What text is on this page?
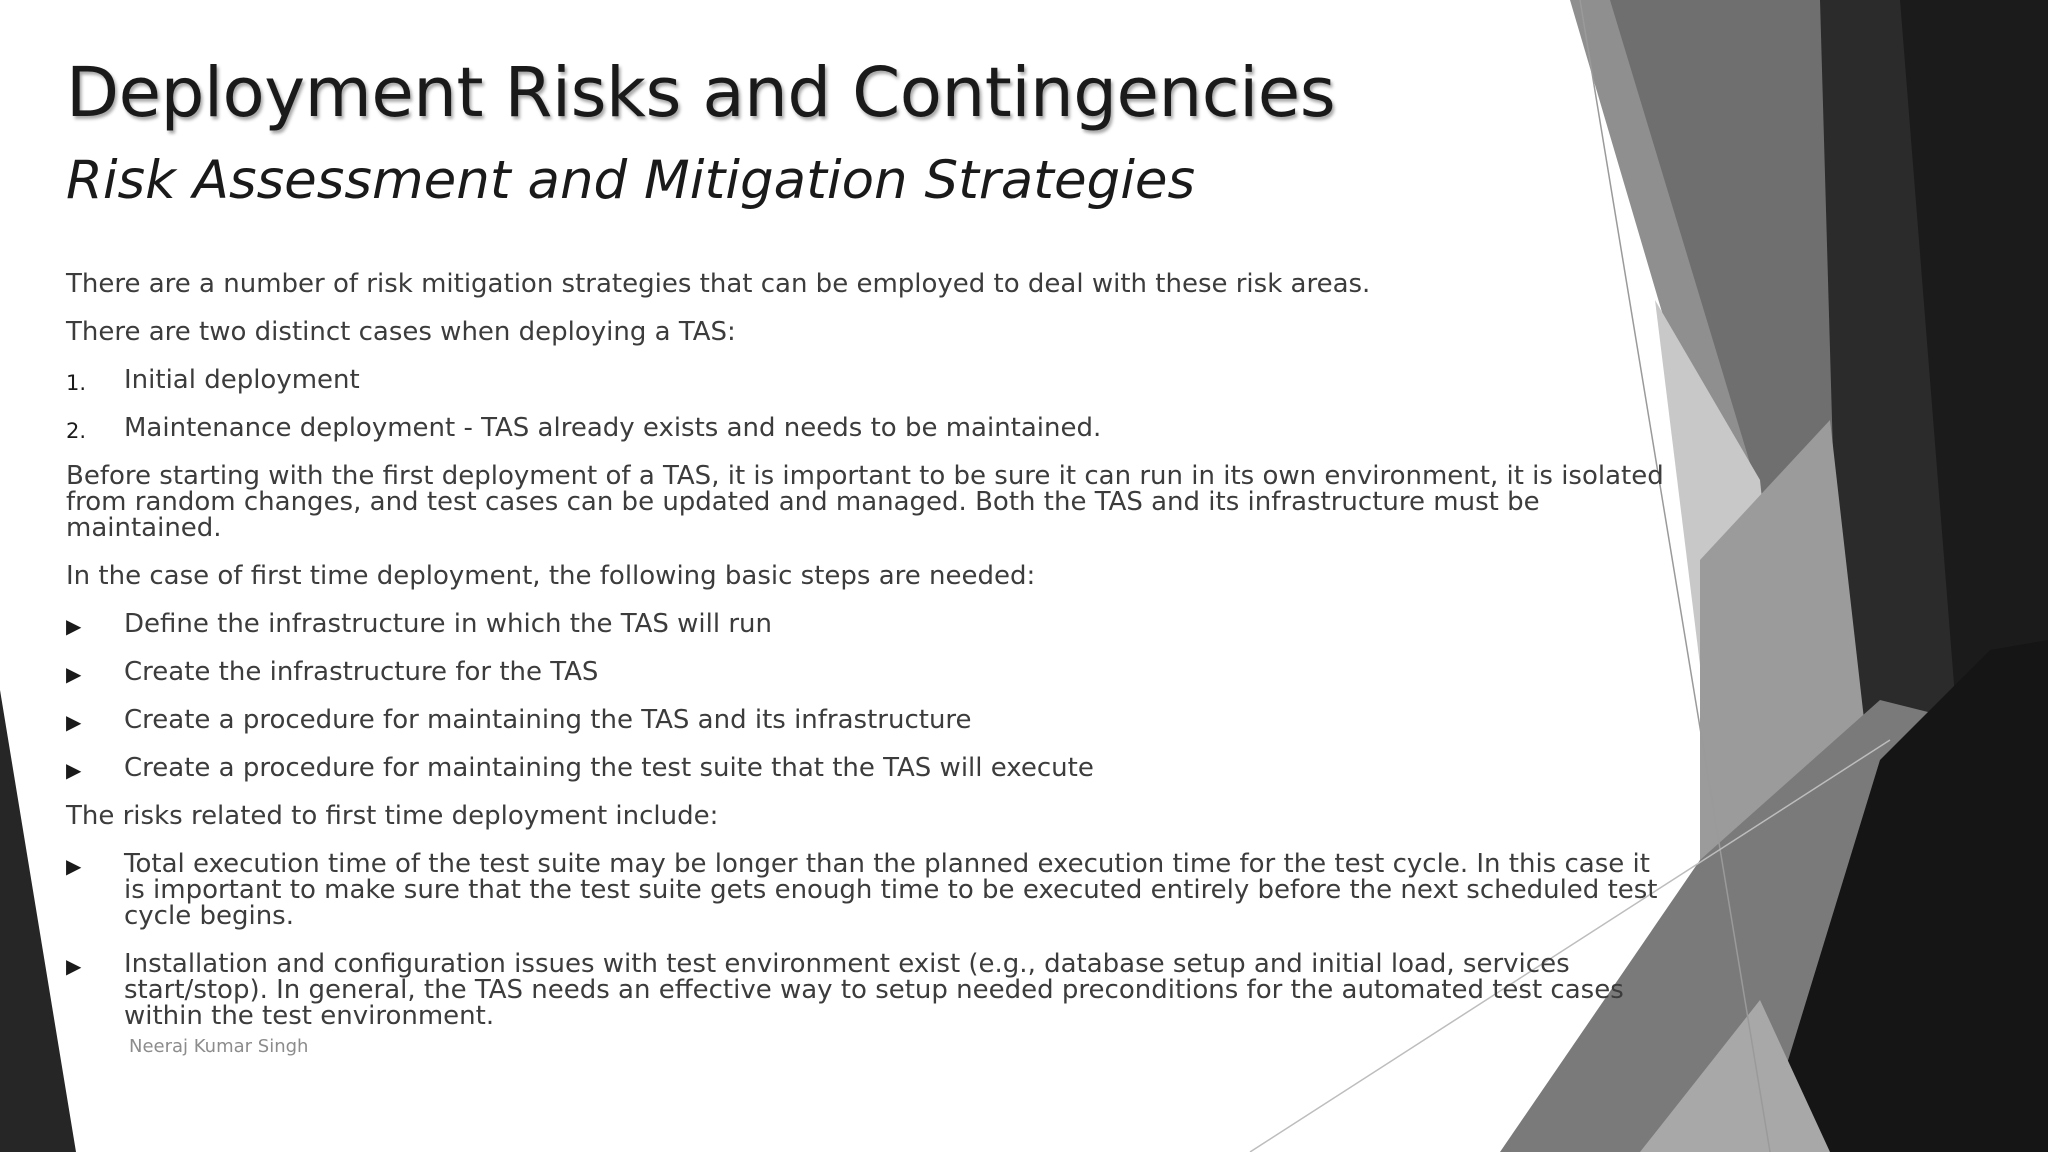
Deployment Risks and Contingencies
Risk Assessment and Mitigation Strategies

There are a number of risk mitigation strategies that can be employed to deal with these risk areas.

There are two distinct cases when deploying a TAS:

1. Initial deployment
2. Maintenance deployment - TAS already exists and needs to be maintained.

Before starting with the first deployment of a TAS, it is important to be sure it can run in its own environment, it is isolated from random changes, and test cases can be updated and managed. Both the TAS and its infrastructure must be maintained.

In the case of first time deployment, the following basic steps are needed:

▶ Define the infrastructure in which the TAS will run
▶ Create the infrastructure for the TAS
▶ Create a procedure for maintaining the TAS and its infrastructure
▶ Create a procedure for maintaining the test suite that the TAS will execute

The risks related to first time deployment include:

▶ Total execution time of the test suite may be longer than the planned execution time for the test cycle. In this case it is important to make sure that the test suite gets enough time to be executed entirely before the next scheduled test cycle begins.
▶ Installation and configuration issues with test environment exist (e.g., database setup and initial load, services start/stop). In general, the TAS needs an effective way to setup needed preconditions for the automated test cases within the test environment.
Neeraj Kumar Singh
